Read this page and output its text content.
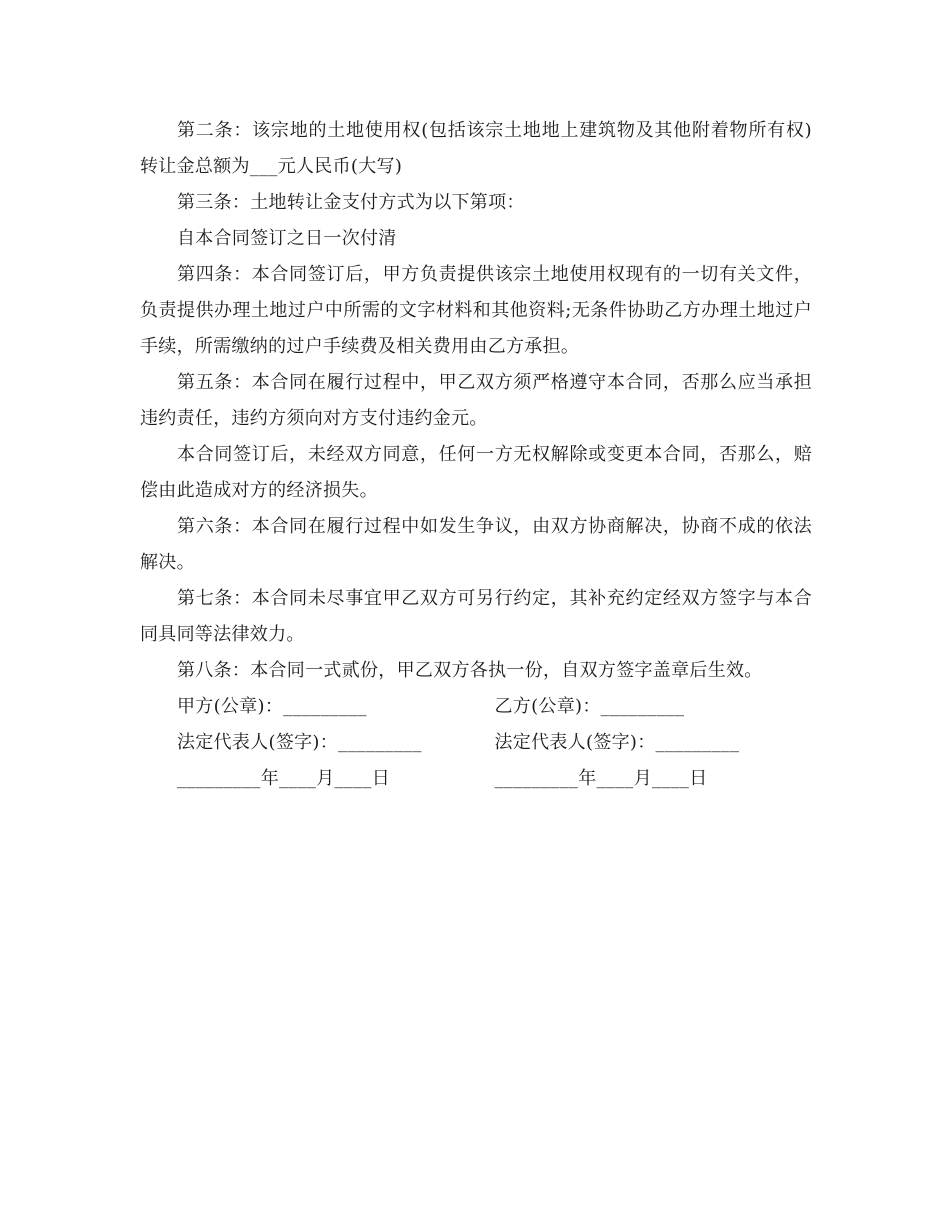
第二条：该宗地的土地使用权(包括该宗土地地上建筑物及其他附着物所有权)转让金总额为___元人民币(大写)

第三条：土地转让金支付方式为以下第项：

自本合同签订之日一次付清

第四条：本合同签订后，甲方负责提供该宗土地使用权现有的一切有关文件，负责提供办理土地过户中所需的文字材料和其他资料;无条件协助乙方办理土地过户手续，所需缴纳的过户手续费及相关费用由乙方承担。

第五条：本合同在履行过程中，甲乙双方须严格遵守本合同，否那么应当承担违约责任，违约方须向对方支付违约金元。

本合同签订后，未经双方同意，任何一方无权解除或变更本合同，否那么，赔偿由此造成对方的经济损失。

第六条：本合同在履行过程中如发生争议，由双方协商解决，协商不成的依法解决。

第七条：本合同未尽事宜甲乙双方可另行约定，其补充约定经双方签字与本合同具同等法律效力。

第八条：本合同一式贰份，甲乙双方各执一份，自双方签字盖章后生效。

甲方(公章)：_________	乙方(公章)：_________
法定代表人(签字)：_________	法定代表人(签字)：_________
_________年____月____日	_________年____月____日
